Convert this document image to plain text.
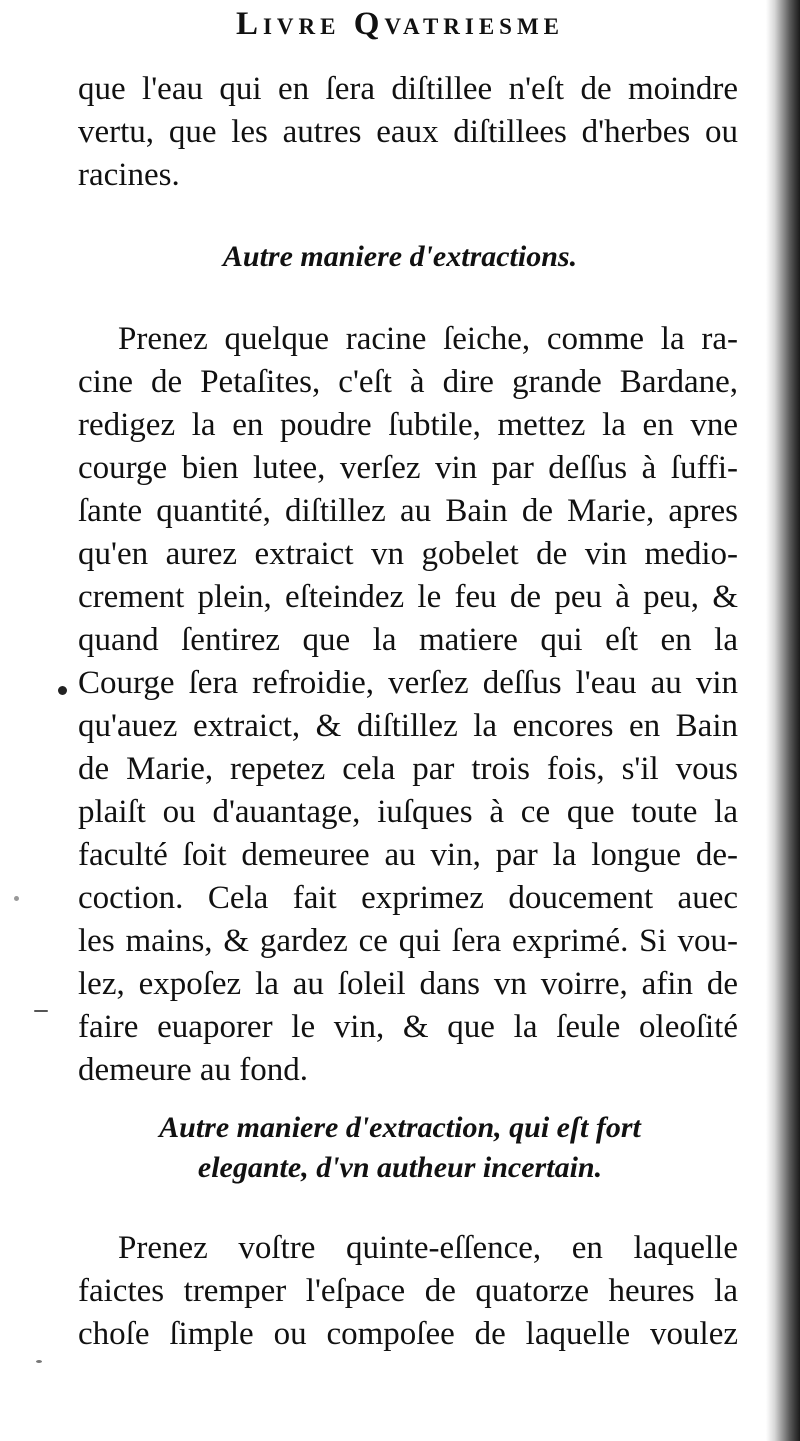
Livre Qvatriesme
que l'eau qui en ſera diſtillee n'eſt de moindre
vertu, que les autres eaux diſtillees d'herbes ou
racines.
Autre maniere d'extractions.
Prenez quelque racine ſeiche, comme la ra-
cine de Petaſites, c'eſt à dire grande Bardane,
redigez la en poudre ſubtile, mettez la en vne
courge bien lutee, verſez vin par deſſus à ſuffi-
ſante quantité, diſtillez au Bain de Marie, apres
qu'en aurez extraict vn gobelet de vin medio-
crement plein, eſteindez le feu de peu à peu, &
quand ſentirez que la matiere qui eſt en la
Courge ſera refroidie, verſez deſſus l'eau au vin
qu'auez extraict, & diſtillez la encores en Bain
de Marie, repetez cela par trois fois, s'il vous
plaiſt ou d'auantage, iuſques à ce que toute la
faculté ſoit demeuree au vin, par la longue de-
coction. Cela fait exprimez doucement auec
les mains, & gardez ce qui ſera exprimé. Si vou-
lez, expoſez la au ſoleil dans vn voirre, afin de
faire euaporer le vin, & que la ſeule oleoſité
demeure au fond.
Autre maniere d'extraction, qui eſt fort
elegante, d'vn autheur incertain.
Prenez voſtre quinte-eſſence, en laquelle
faictes tremper l'eſpace de quatorze heures la
choſe ſimple ou compoſee de laquelle voulez
